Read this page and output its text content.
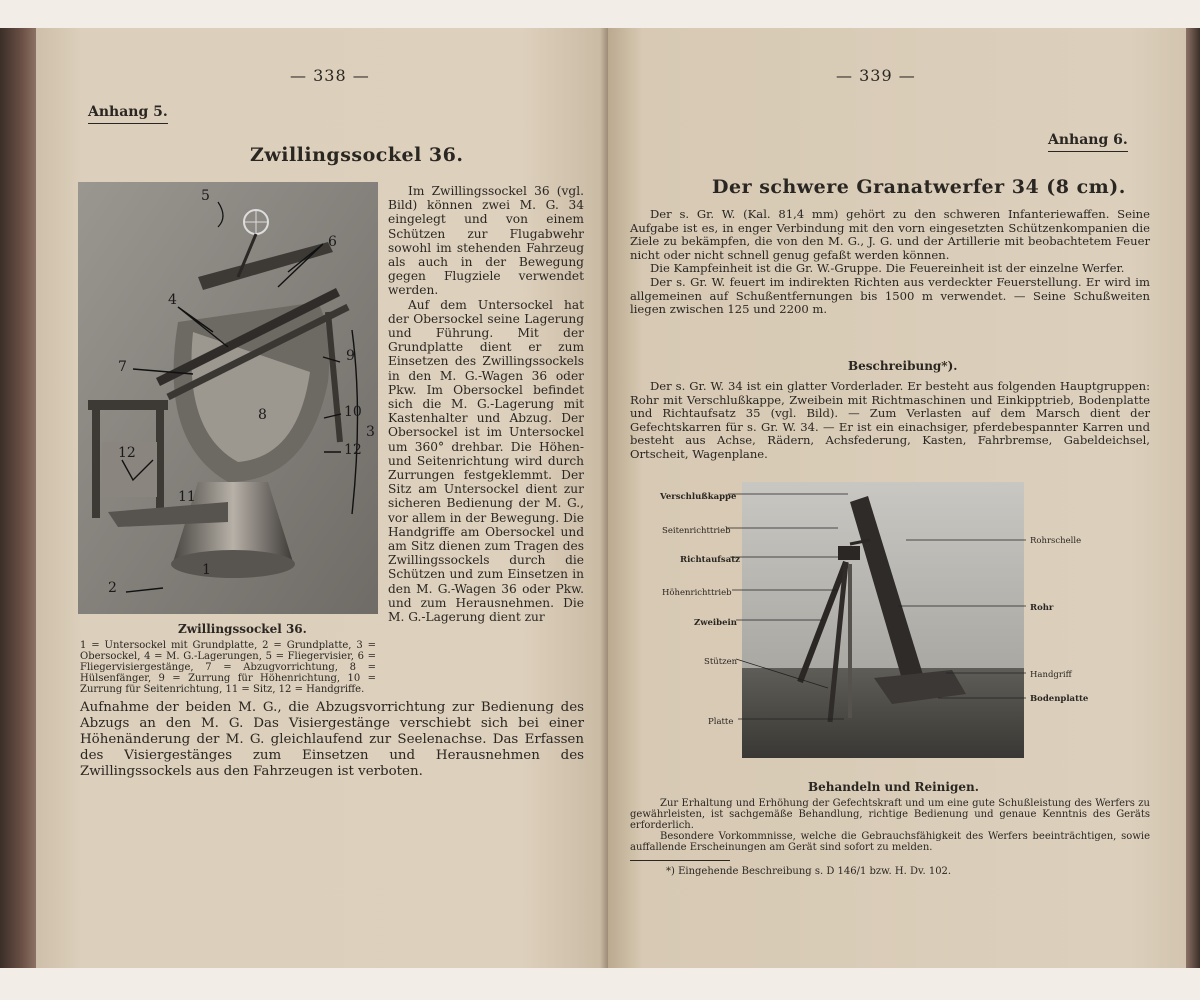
— 338 —
Anhang 5.
Zwillingssockel 36.
5
6
4
7
9
8	10
3
12	12
11
1
2

Im Zwillingssockel 36 (vgl. Bild) können zwei M. G. 34 eingelegt und von einem Schützen zur Flugabwehr sowohl im stehenden Fahrzeug als auch in der Bewegung gegen Flugziele verwendet werden.

Auf dem Untersockel hat der Obersockel seine Lagerung und Führung. Mit der Grundplatte dient er zum Einsetzen des Zwillingssockels in den M. G.-Wagen 36 oder Pkw. Im Obersockel befindet sich die M. G.-Lagerung mit Kastenhalter und Abzug. Der Obersockel ist im Untersockel um 360° drehbar. Die Höhen- und Seitenrichtung wird durch Zurrungen festgeklemmt. Der Sitz am Untersockel dient zur sicheren Bedienung der M. G., vor allem in der Bewegung. Die Handgriffe am Obersockel und am Sitz dienen zum Tragen des Zwillingssockels durch die Schützen und zum Einsetzen in den M. G.-Wagen 36 oder Pkw. und zum Herausnehmen. Die M. G.-Lagerung dient zur

Zwillingssockel 36.
1 = Untersockel mit Grundplatte, 2 = Grundplatte, 3 = Obersockel, 4 = M. G.-Lagerungen, 5 = Fliegervisier, 6 = Fliegervisiergestänge, 7 = Abzugvorrichtung, 8 = Hülsenfänger, 9 = Zurrung für Höhenrichtung, 10 = Zurrung für Seitenrichtung, 11 = Sitz, 12 = Handgriffe.
Aufnahme der beiden M. G., die Abzugsvorrichtung zur Bedienung des Abzugs an den M. G. Das Visiergestänge verschiebt sich bei einer Höhenänderung der M. G. gleichlaufend zur Seelenachse. Das Erfassen des Visiergestänges zum Einsetzen und Herausnehmen des Zwillingssockels aus den Fahrzeugen ist verboten.
— 339 —
Anhang 6.
Der schwere Granatwerfer 34 (8 cm).

Der s. Gr. W. (Kal. 81,4 mm) gehört zu den schweren Infanteriewaffen. Seine Aufgabe ist es, in enger Verbindung mit den vorn eingesetzten Schützenkompanien die Ziele zu bekämpfen, die von den M. G., J. G. und der Artillerie mit beobachtetem Feuer nicht oder nicht schnell genug gefaßt werden können.

Die Kampfeinheit ist die Gr. W.-Gruppe. Die Feuereinheit ist der einzelne Werfer.

Der s. Gr. W. feuert im indirekten Richten aus verdeckter Feuerstellung. Er wird im allgemeinen auf Schußentfernungen bis 1500 m verwendet. — Seine Schußweiten liegen zwischen 125 und 2200 m.

Beschreibung*).

Der s. Gr. W. 34 ist ein glatter Vorderlader. Er besteht aus folgenden Hauptgruppen: Rohr mit Verschlußkappe, Zweibein mit Richtmaschinen und Einkipptrieb, Bodenplatte und Richtaufsatz 35 (vgl. Bild). — Zum Verlasten auf dem Marsch dient der Gefechtskarren für s. Gr. W. 34. — Er ist ein einachsiger, pferdebespannter Karren und besteht aus Achse, Rädern, Achsfederung, Kasten, Fahrbremse, Gabeldeichsel, Ortscheit, Wagenplane.

Verschlußkappe
Seitenrichttrieb
Richtaufsatz
Höhenrichttrieb
Zweibein
Stützen
Platte
Rohrschelle
Rohr
Handgriff
Bodenplatte
Behandeln und Reinigen.
Zur Erhaltung und Erhöhung der Gefechtskraft und um eine gute Schußleistung des Werfers zu gewährleisten, ist sachgemäße Behandlung, richtige Bedienung und genaue Kenntnis des Geräts erforderlich.
Besondere Vorkommnisse, welche die Gebrauchsfähigkeit des Werfers beeinträchtigen, sowie auffallende Erscheinungen am Gerät sind sofort zu melden.
*) Eingehende Beschreibung s. D 146/1 bzw. H. Dv. 102.
